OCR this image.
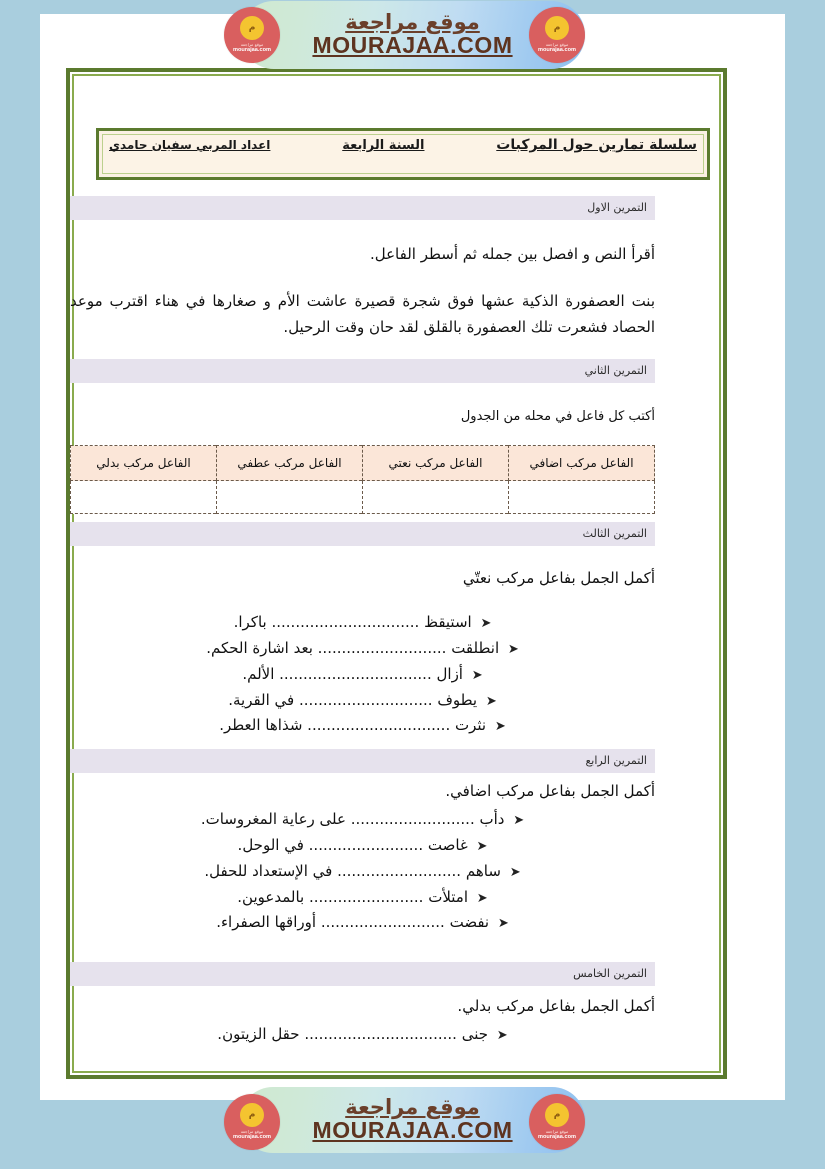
موقع مراجعة
MOURAJAA.COM
م
موقع مراجعة
mourajaa.com
م
موقع مراجعة
mourajaa.com
سلسلة تمارين حول المركبات
السنة الرابعة
اعداد المربي سفيان حامدي
التمرين الاول
أقرأ النص و افصل بين جمله ثم أسطر الفاعل.
بنت العصفورة الذكية عشها فوق شجرة قصيرة عاشت الأم و صغارها في هناء اقترب موعد الحصاد فشعرت تلك العصفورة بالقلق لقد حان وقت الرحيل.
التمرين الثاني
أكتب كل فاعل في محله من الجدول
الفاعل مركب اضافي	الفاعل مركب نعتي	الفاعل مركب عطفي	الفاعل مركب بدلي

التمرين الثالث
أكمل الجمل بفاعل مركب نعتّي
➤ استيقظ ............................... باكرا.
➤ انطلقت ........................... بعد اشارة الحكم.
➤ أزال ................................ الألم.
➤ يطوف ............................ في القرية.
➤ نثرت .............................. شذاها العطر.
التمرين الرابع
أكمل الجمل بفاعل مركب اضافي.
➤ دأب .......................... على رعاية المغروسات.
➤ غاصت ........................ في الوحل.
➤ ساهم .......................... في الإستعداد للحفل.
➤ امتلأت ........................ بالمدعوين.
➤ نفضت .......................... أوراقها الصفراء.
التمرين الخامس
أكمل الجمل بفاعل مركب بدلي.
➤ جنى ................................ حقل الزيتون.
موقع مراجعة
MOURAJAA.COM
م
موقع مراجعة
mourajaa.com
م
موقع مراجعة
mourajaa.com
